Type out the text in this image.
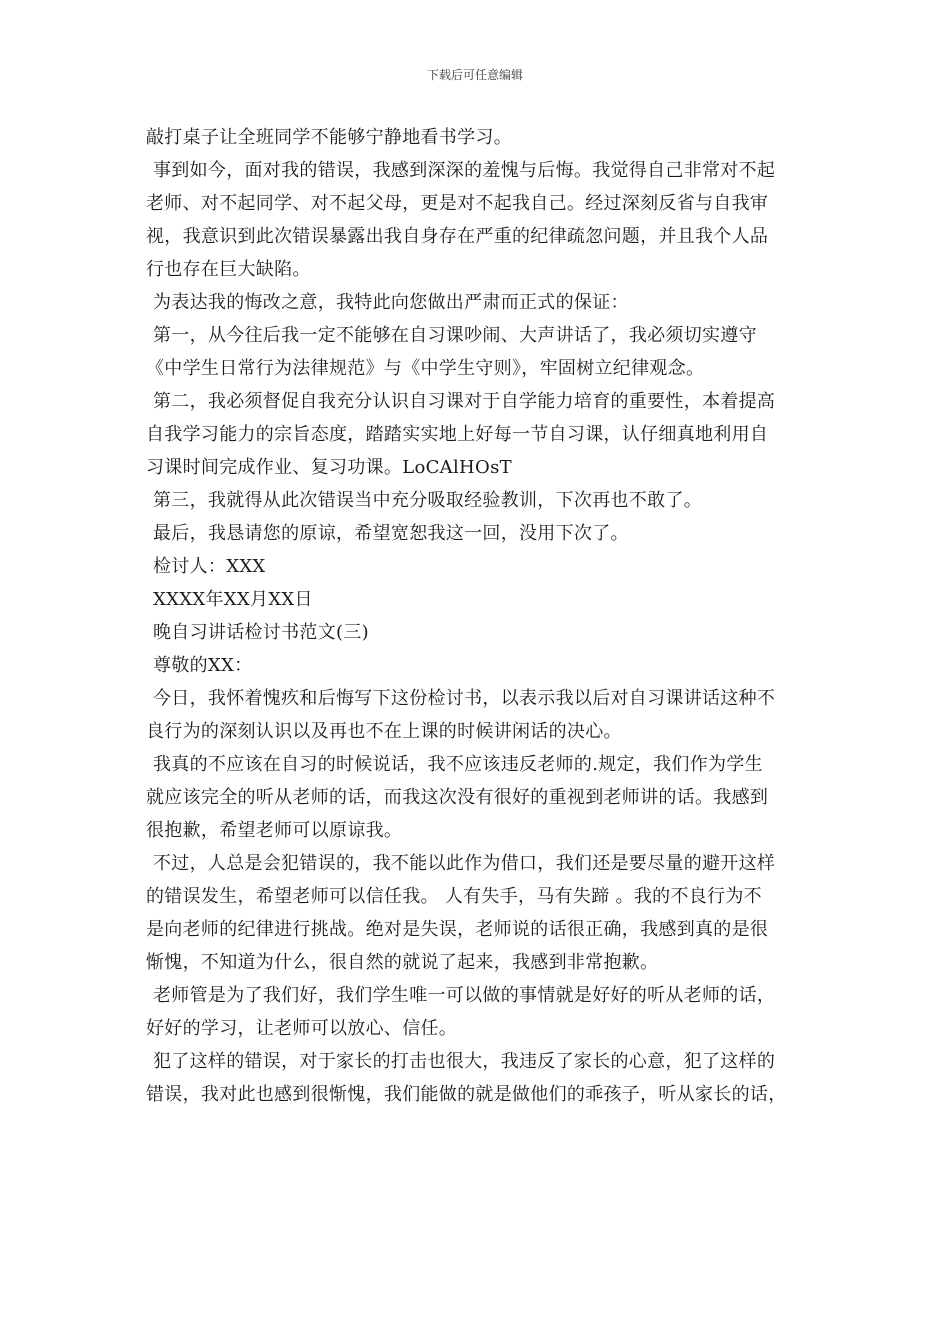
下载后可任意编辑
敲打桌子让全班同学不能够宁静地看书学习。
事到如今，面对我的错误，我感到深深的羞愧与后悔。我觉得自己非常对不起
老师、对不起同学、对不起父母，更是对不起我自己。经过深刻反省与自我审
视，我意识到此次错误暴露出我自身存在严重的纪律疏忽问题，并且我个人品
行也存在巨大缺陷。
为表达我的悔改之意，我特此向您做出严肃而正式的保证：
第一，从今往后我一定不能够在自习课吵闹、大声讲话了，我必须切实遵守
《中学生日常行为法律规范》与《中学生守则》，牢固树立纪律观念。
第二，我必须督促自我充分认识自习课对于自学能力培育的重要性，本着提高
自我学习能力的宗旨态度，踏踏实实地上好每一节自习课，认仔细真地利用自
习课时间完成作业、复习功课。LoCAlHOsT
第三，我就得从此次错误当中充分吸取经验教训，下次再也不敢了。
最后，我恳请您的原谅，希望宽恕我这一回，没用下次了。
检讨人：XXX
XXXX年XX月XX日
晚自习讲话检讨书范文(三)
尊敬的XX：
今日，我怀着愧疚和后悔写下这份检讨书，以表示我以后对自习课讲话这种不
良行为的深刻认识以及再也不在上课的时候讲闲话的决心。
我真的不应该在自习的时候说话，我不应该违反老师的.规定，我们作为学生
就应该完全的听从老师的话，而我这次没有很好的重视到老师讲的话。我感到
很抱歉，希望老师可以原谅我。
不过，人总是会犯错误的，我不能以此作为借口，我们还是要尽量的避开这样
的错误发生，希望老师可以信任我。 人有失手，马有失蹄 。我的不良行为不
是向老师的纪律进行挑战。绝对是失误，老师说的话很正确，我感到真的是很
惭愧，不知道为什么，很自然的就说了起来，我感到非常抱歉。
老师管是为了我们好，我们学生唯一可以做的事情就是好好的听从老师的话，
好好的学习，让老师可以放心、信任。
犯了这样的错误，对于家长的打击也很大，我违反了家长的心意，犯了这样的
错误，我对此也感到很惭愧，我们能做的就是做他们的乖孩子，听从家长的话，
